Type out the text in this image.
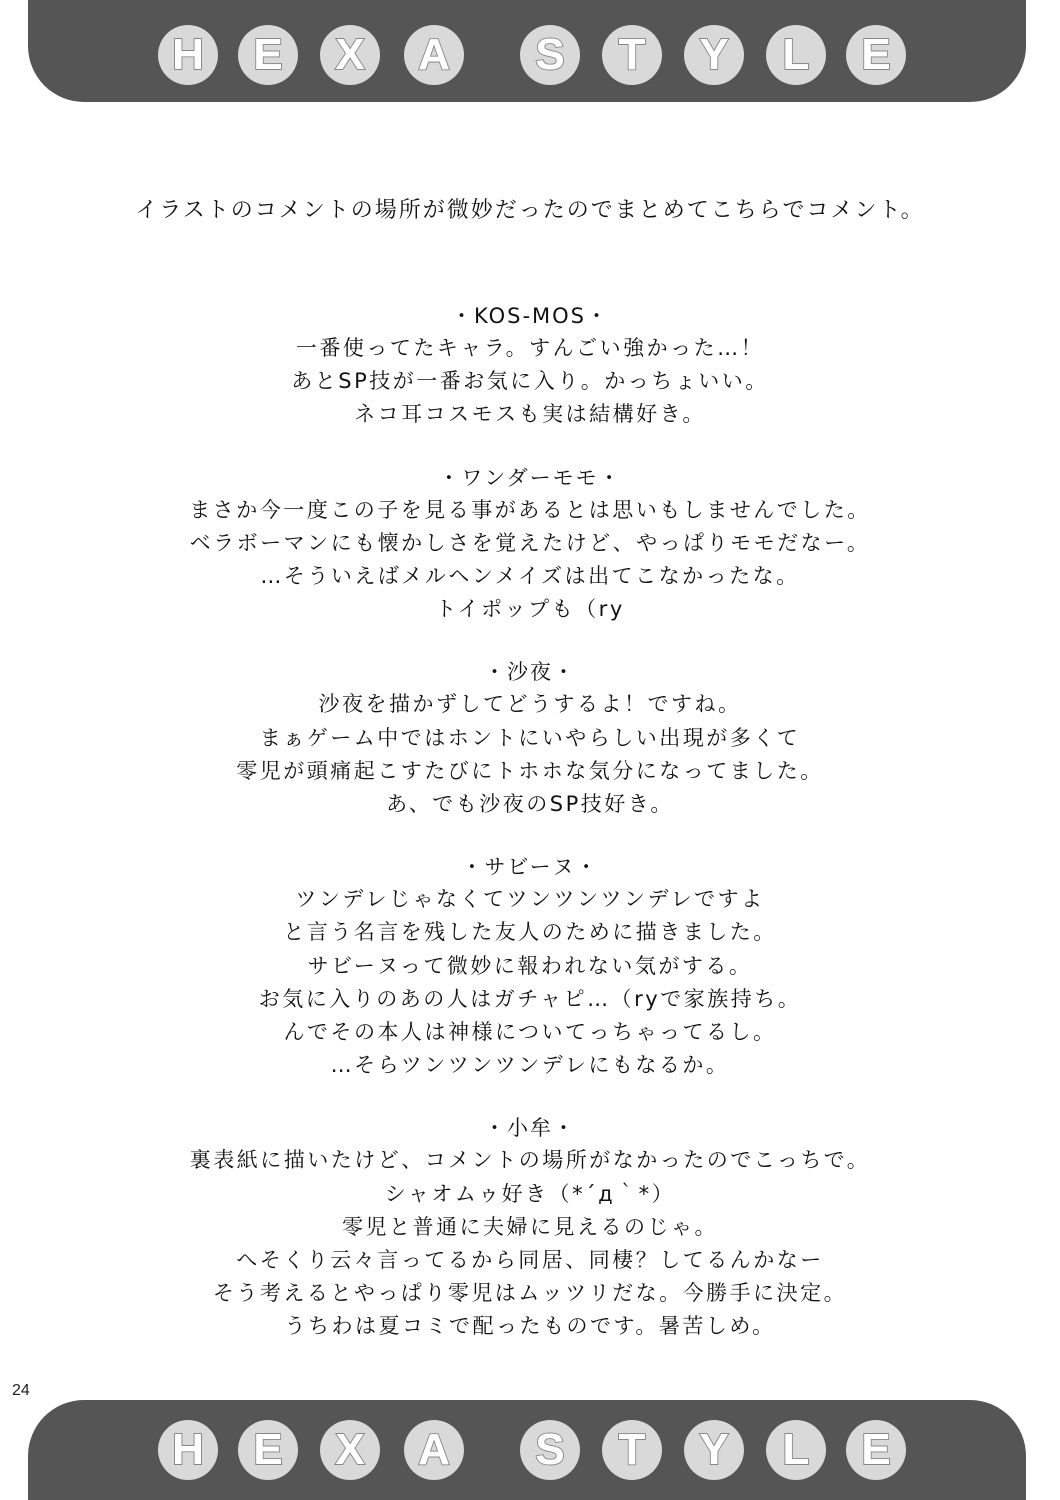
H E X A S T Y L E
イラストのコメントの場所が微妙だったのでまとめてこちらでコメント。
・KOS-MOS・
一番使ってたキャラ。すんごい強かった…！
あとSP技が一番お気に入り。かっちょいい。
ネコ耳コスモスも実は結構好き。
・ワンダーモモ・
まさか今一度この子を見る事があるとは思いもしませんでした。
ベラボーマンにも懐かしさを覚えたけど、やっぱりモモだなー。
…そういえばメルヘンメイズは出てこなかったな。
トイポップも（ry
・沙夜・
沙夜を描かずしてどうするよ！ですね。
まぁゲーム中ではホントにいやらしい出現が多くて
零児が頭痛起こすたびにトホホな気分になってました。
あ、でも沙夜のSP技好き。
・サビーヌ・
ツンデレじゃなくてツンツンツンデレですよ
と言う名言を残した友人のために描きました。
サビーヌって微妙に報われない気がする。
お気に入りのあの人はガチャピ…（ryで家族持ち。
んでその本人は神様についてっちゃってるし。
…そらツンツンツンデレにもなるか。
・小牟・
裏表紙に描いたけど、コメントの場所がなかったのでこっちで。
シャオムゥ好き（*´д｀*）
零児と普通に夫婦に見えるのじゃ。
へそくり云々言ってるから同居、同棲？してるんかなー
そう考えるとやっぱり零児はムッツリだな。今勝手に決定。
うちわは夏コミで配ったものです。暑苦しめ。
24
H E X A S T Y L E
